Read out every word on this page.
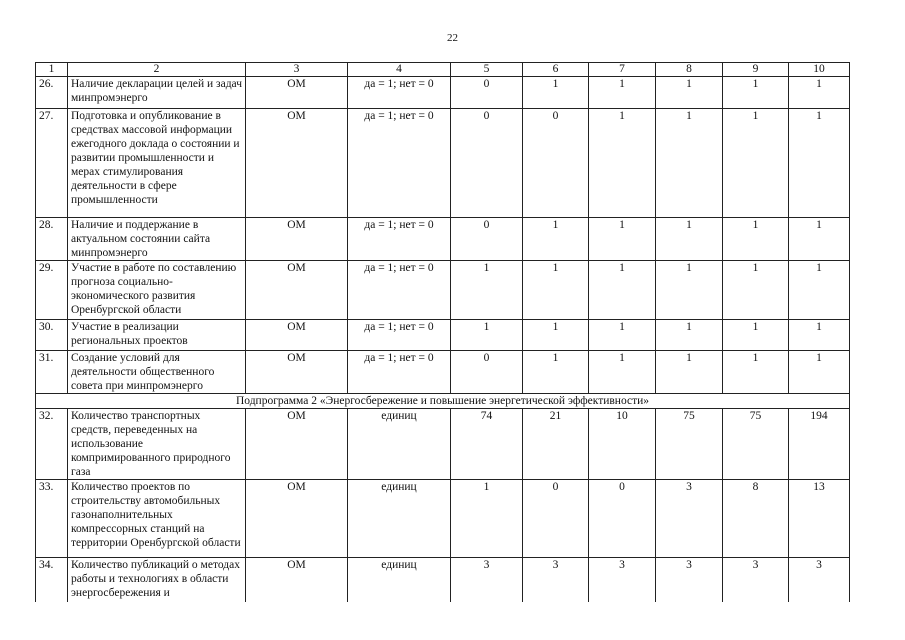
22
1	2	3	4	5	6	7	8	9	10
26.	Наличие декларации целей и задач минпромэнерго	ОМ	да = 1; нет = 0	0	1	1	1	1	1
27.	Подготовка и опубликование в средствах массовой информации ежегодного доклада о состоянии и развитии промышленности и мерах стимулирования деятельности в сфере промышленности	ОМ	да = 1; нет = 0	0	0	1	1	1	1
28.	Наличие и поддержание в актуальном состоянии сайта минпромэнерго	ОМ	да = 1; нет = 0	0	1	1	1	1	1
29.	Участие в работе по составлению прогноза социально-экономического развития Оренбургской области	ОМ	да = 1; нет = 0	1	1	1	1	1	1
30.	Участие в реализации региональных проектов	ОМ	да = 1; нет = 0	1	1	1	1	1	1
31.	Создание условий для деятельности общественного совета при минпромэнерго	ОМ	да = 1; нет = 0	0	1	1	1	1	1
Подпрограмма 2 «Энергосбережение и повышение энергетической эффективности»									
32.	Количество транспортных средств, переведенных на использование компримированного природного газа	ОМ	единиц	74	21	10	75	75	194
33.	Количество проектов по строительству автомобильных газонаполнительных компрессорных станций на территории Оренбургской области	ОМ	единиц	1	0	0	3	8	13
34.	Количество публикаций о методах работы и технологиях в области энергосбережения и	ОМ	единиц	3	3	3	3	3	3
